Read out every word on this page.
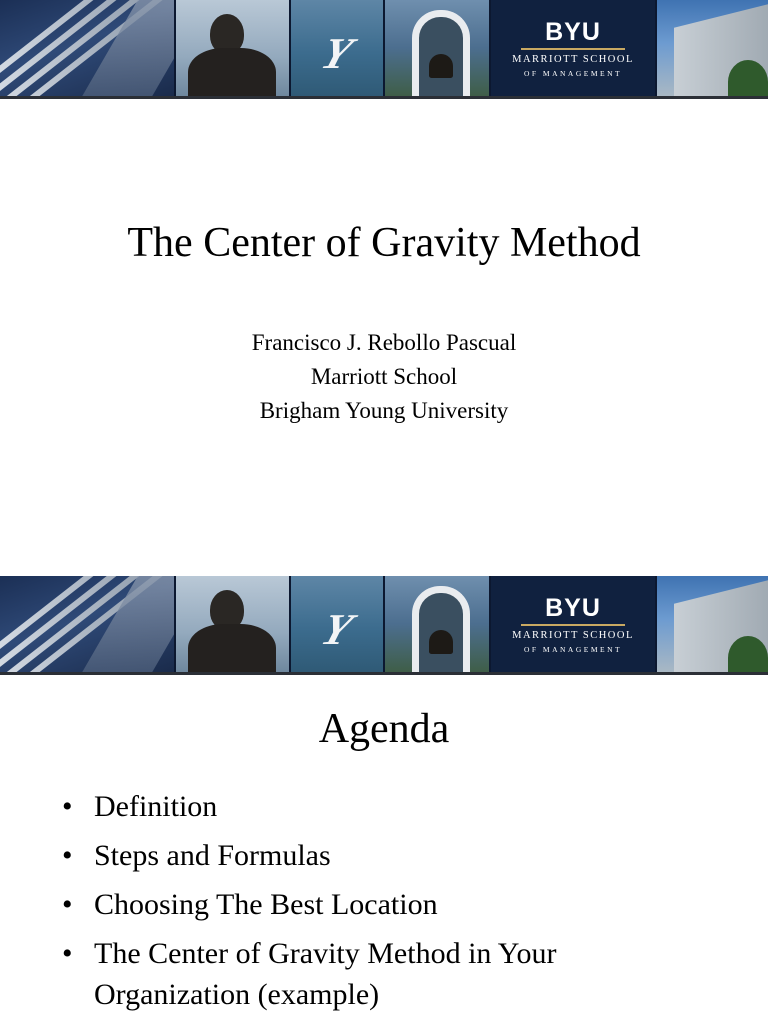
Y	BYU
MARRIOTT SCHOOL
OF MANAGEMENT
The Center of Gravity Method
Francisco J. Rebollo Pascual
Marriott School
Brigham Young University
Y	BYU
MARRIOTT SCHOOL
OF MANAGEMENT
Agenda
• Definition
• Steps and Formulas
• Choosing The Best Location
• The Center of Gravity Method in Your
Organization (example)
